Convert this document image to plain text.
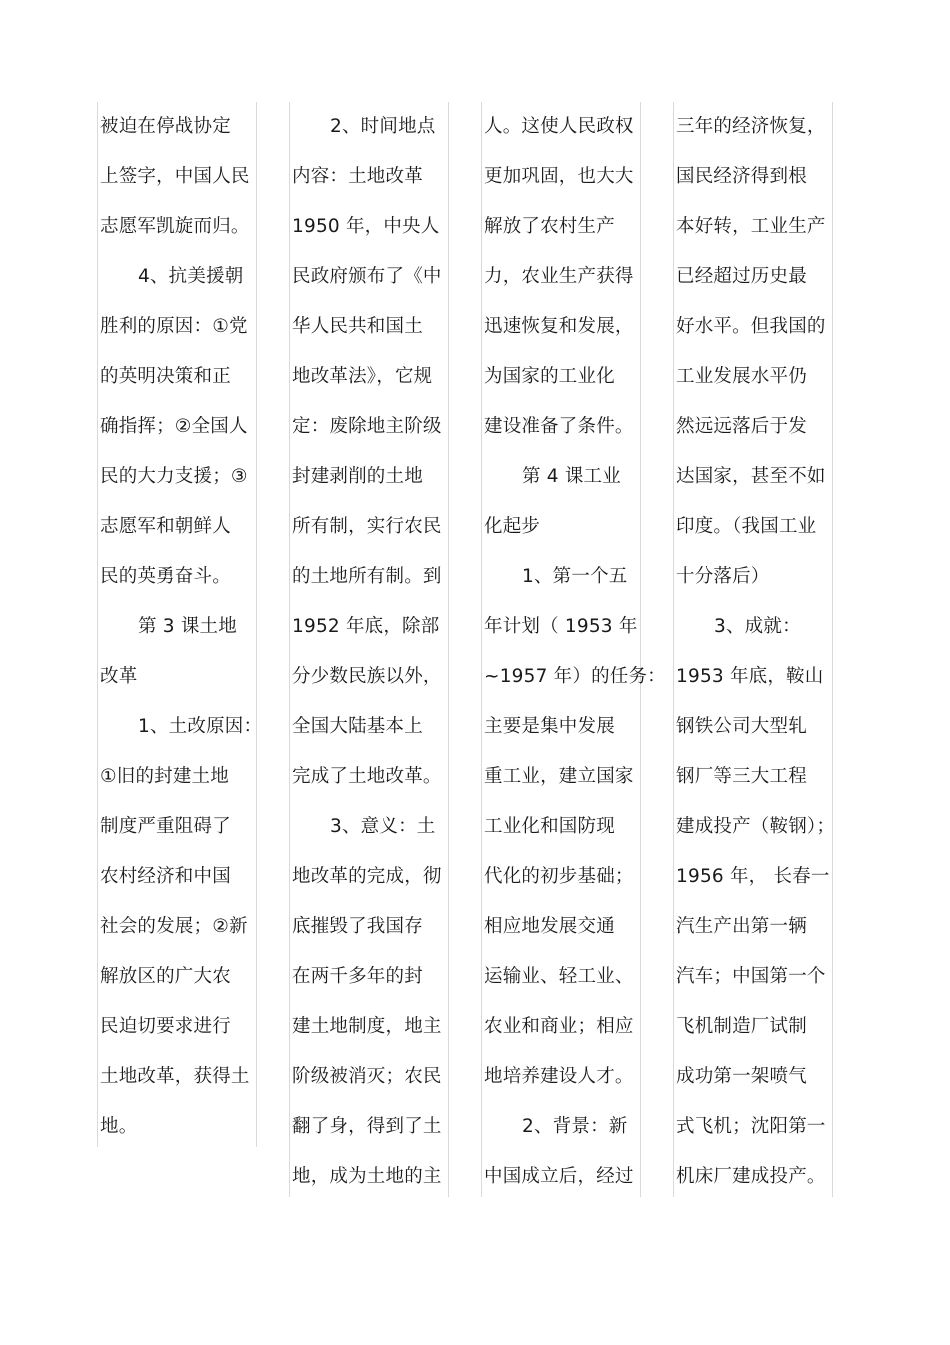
被迫在停战协定
上签字，中国人民
志愿军凯旋而归。
4、抗美援朝
胜利的原因：①党
的英明决策和正
确指挥；②全国人
民的大力支援；③
志愿军和朝鲜人
民的英勇奋斗。
第 3 课土地
改革
1、土改原因：
①旧的封建土地
制度严重阻碍了
农村经济和中国
社会的发展；②新
解放区的广大农
民迫切要求进行
土地改革，获得土
地。
2、时间地点
内容：土地改革
1950 年，中央人
民政府颁布了《中
华人民共和国土
地改革法》，它规
定：废除地主阶级
封建剥削的土地
所有制，实行农民
的土地所有制。到
1952 年底，除部
分少数民族以外，
全国大陆基本上
完成了土地改革。
3、意义：土
地改革的完成，彻
底摧毁了我国存
在两千多年的封
建土地制度，地主
阶级被消灭；农民
翻了身，得到了土
地，成为土地的主
人。这使人民政权
更加巩固，也大大
解放了农村生产
力，农业生产获得
迅速恢复和发展，
为国家的工业化
建设准备了条件。
第 4 课工业
化起步
1、第一个五
年计划（ 1953 年
~1957 年）的任务：
主要是集中发展
重工业，建立国家
工业化和国防现
代化的初步基础；
相应地发展交通
运输业、轻工业、
农业和商业；相应
地培养建设人才。
2、背景：新
中国成立后，经过
三年的经济恢复，
国民经济得到根
本好转，工业生产
已经超过历史最
好水平。但我国的
工业发展水平仍
然远远落后于发
达国家，甚至不如
印度。（我国工业
十分落后）
3、成就：
1953 年底，鞍山
钢铁公司大型轧
钢厂等三大工程
建成投产（鞍钢）；
1956 年， 长春一
汽生产出第一辆
汽车；中国第一个
飞机制造厂试制
成功第一架喷气
式飞机；沈阳第一
机床厂建成投产。
